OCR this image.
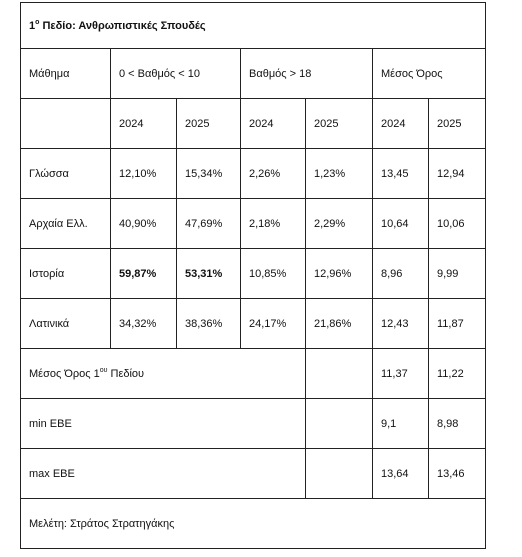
$1^o$ Πεδίο: Ανθρωπιστικές Σπουδές						
Μάθημα	0 < Βαθμός < 10		Βαθμός > 18		Μέσος Όρος	
	2024	2025	2024	2025	2024	2025
Γλώσσα	12,10%	15,34%	2,26%	1,23%	13,45	12,94
Αρχαία Ελλ.	40,90%	47,69%	2,18%	2,29%	10,64	10,06
Ιστορία	59,87%	53,31%	10,85%	12,96%	8,96	9,99
Λατινικά	34,32%	38,36%	24,17%	21,86%	12,43	11,87
Μέσος Όρος $1^{o\upsilon}$ Πεδίου					11,37	11,22
min ΕΒΕ					9,1	8,98
max ΕΒΕ					13,64	13,46
Μελέτη: Στράτος Στρατηγάκης						
